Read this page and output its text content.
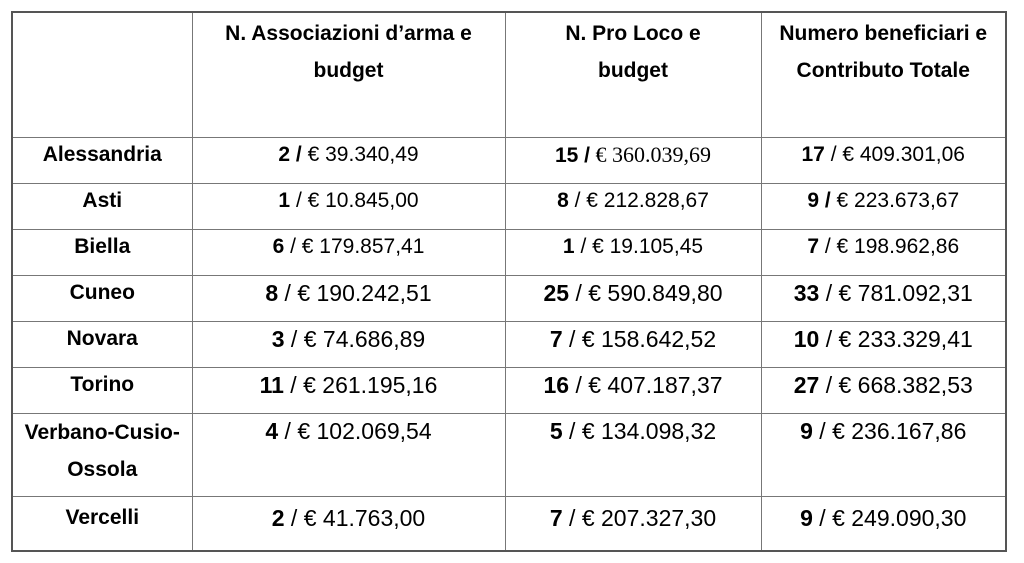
	N. Associazioni d’arma e budget	N. Pro Loco e budget	Numero beneficiari e Contributo Totale
Alessandria	2 / € 39.340,49	15 / € 360.039,69	17 / € 409.301,06
Asti	1 / € 10.845,00	8 / € 212.828,67	9 / € 223.673,67
Biella	6 / € 179.857,41	1 / € 19.105,45	7 / € 198.962,86
Cuneo	8 / € 190.242,51	25 / € 590.849,80	33 / € 781.092,31
Novara	3 / € 74.686,89	7 / € 158.642,52	10 / € 233.329,41
Torino	11 / € 261.195,16	16 / € 407.187,37	27 / € 668.382,53
Verbano-Cusio-Ossola	4 / € 102.069,54	5 / € 134.098,32	9 / € 236.167,86
Vercelli	2 / € 41.763,00	7 / € 207.327,30	9 / € 249.090,30
